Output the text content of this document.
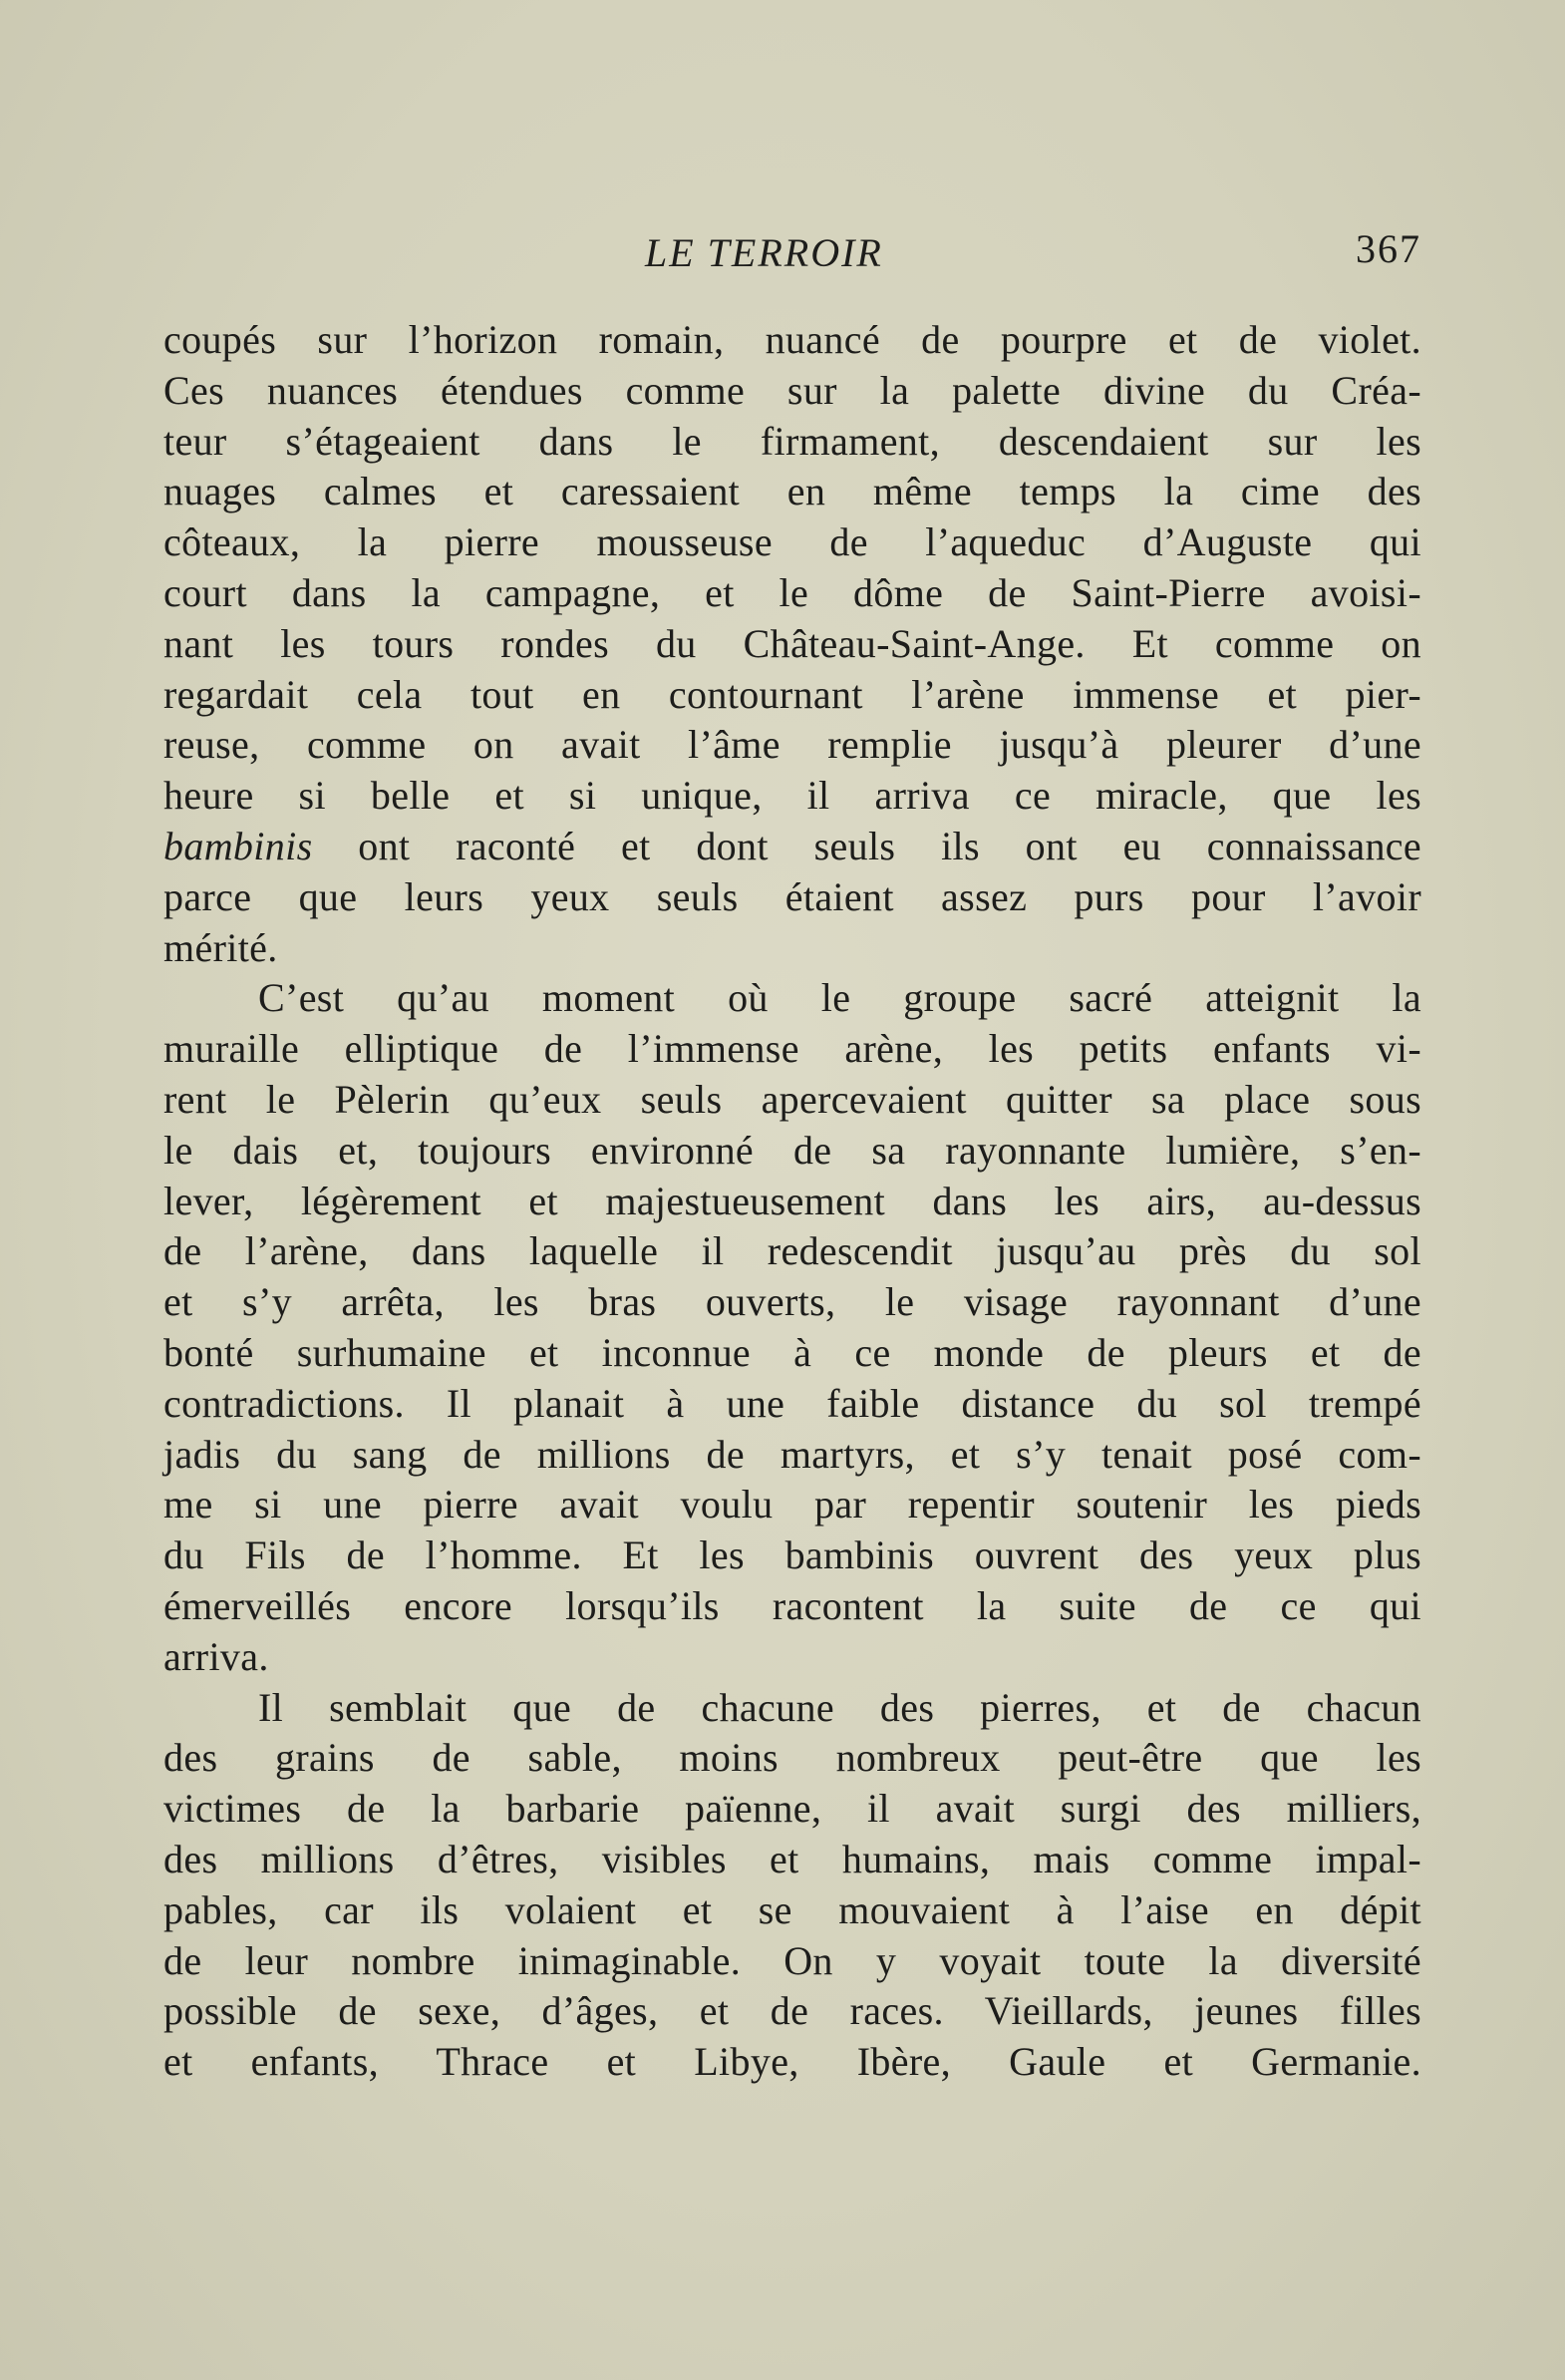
LE TERROIR	367
coupés sur l’horizon romain, nuancé de pourpre et de violet.
Ces nuances étendues comme sur la palette divine du Créa-
teur s’étageaient dans le firmament, descendaient sur les
nuages calmes et caressaient en même temps la cime des
côteaux, la pierre mousseuse de l’aqueduc d’Auguste qui
court dans la campagne, et le dôme de Saint-Pierre avoisi-
nant les tours rondes du Château-Saint-Ange. Et comme on
regardait cela tout en contournant l’arène immense et pier-
reuse, comme on avait l’âme remplie jusqu’à pleurer d’une
heure si belle et si unique, il arriva ce miracle, que les
bambinis ont raconté et dont seuls ils ont eu connaissance
parce que leurs yeux seuls étaient assez purs pour l’avoir
mérité.
C’est qu’au moment où le groupe sacré atteignit la
muraille elliptique de l’immense arène, les petits enfants vi-
rent le Pèlerin qu’eux seuls apercevaient quitter sa place sous
le dais et, toujours environné de sa rayonnante lumière, s’en-
lever, légèrement et majestueusement dans les airs, au-dessus
de l’arène, dans laquelle il redescendit jusqu’au près du sol
et s’y arrêta, les bras ouverts, le visage rayonnant d’une
bonté surhumaine et inconnue à ce monde de pleurs et de
contradictions. Il planait à une faible distance du sol trempé
jadis du sang de millions de martyrs, et s’y tenait posé com-
me si une pierre avait voulu par repentir soutenir les pieds
du Fils de l’homme. Et les bambinis ouvrent des yeux plus
émerveillés encore lorsqu’ils racontent la suite de ce qui
arriva.
Il semblait que de chacune des pierres, et de chacun
des grains de sable, moins nombreux peut-être que les
victimes de la barbarie païenne, il avait surgi des milliers,
des millions d’êtres, visibles et humains, mais comme impal-
pables, car ils volaient et se mouvaient à l’aise en dépit
de leur nombre inimaginable. On y voyait toute la diversité
possible de sexe, d’âges, et de races. Vieillards, jeunes filles
et enfants, Thrace et Libye, Ibère, Gaule et Germanie.
